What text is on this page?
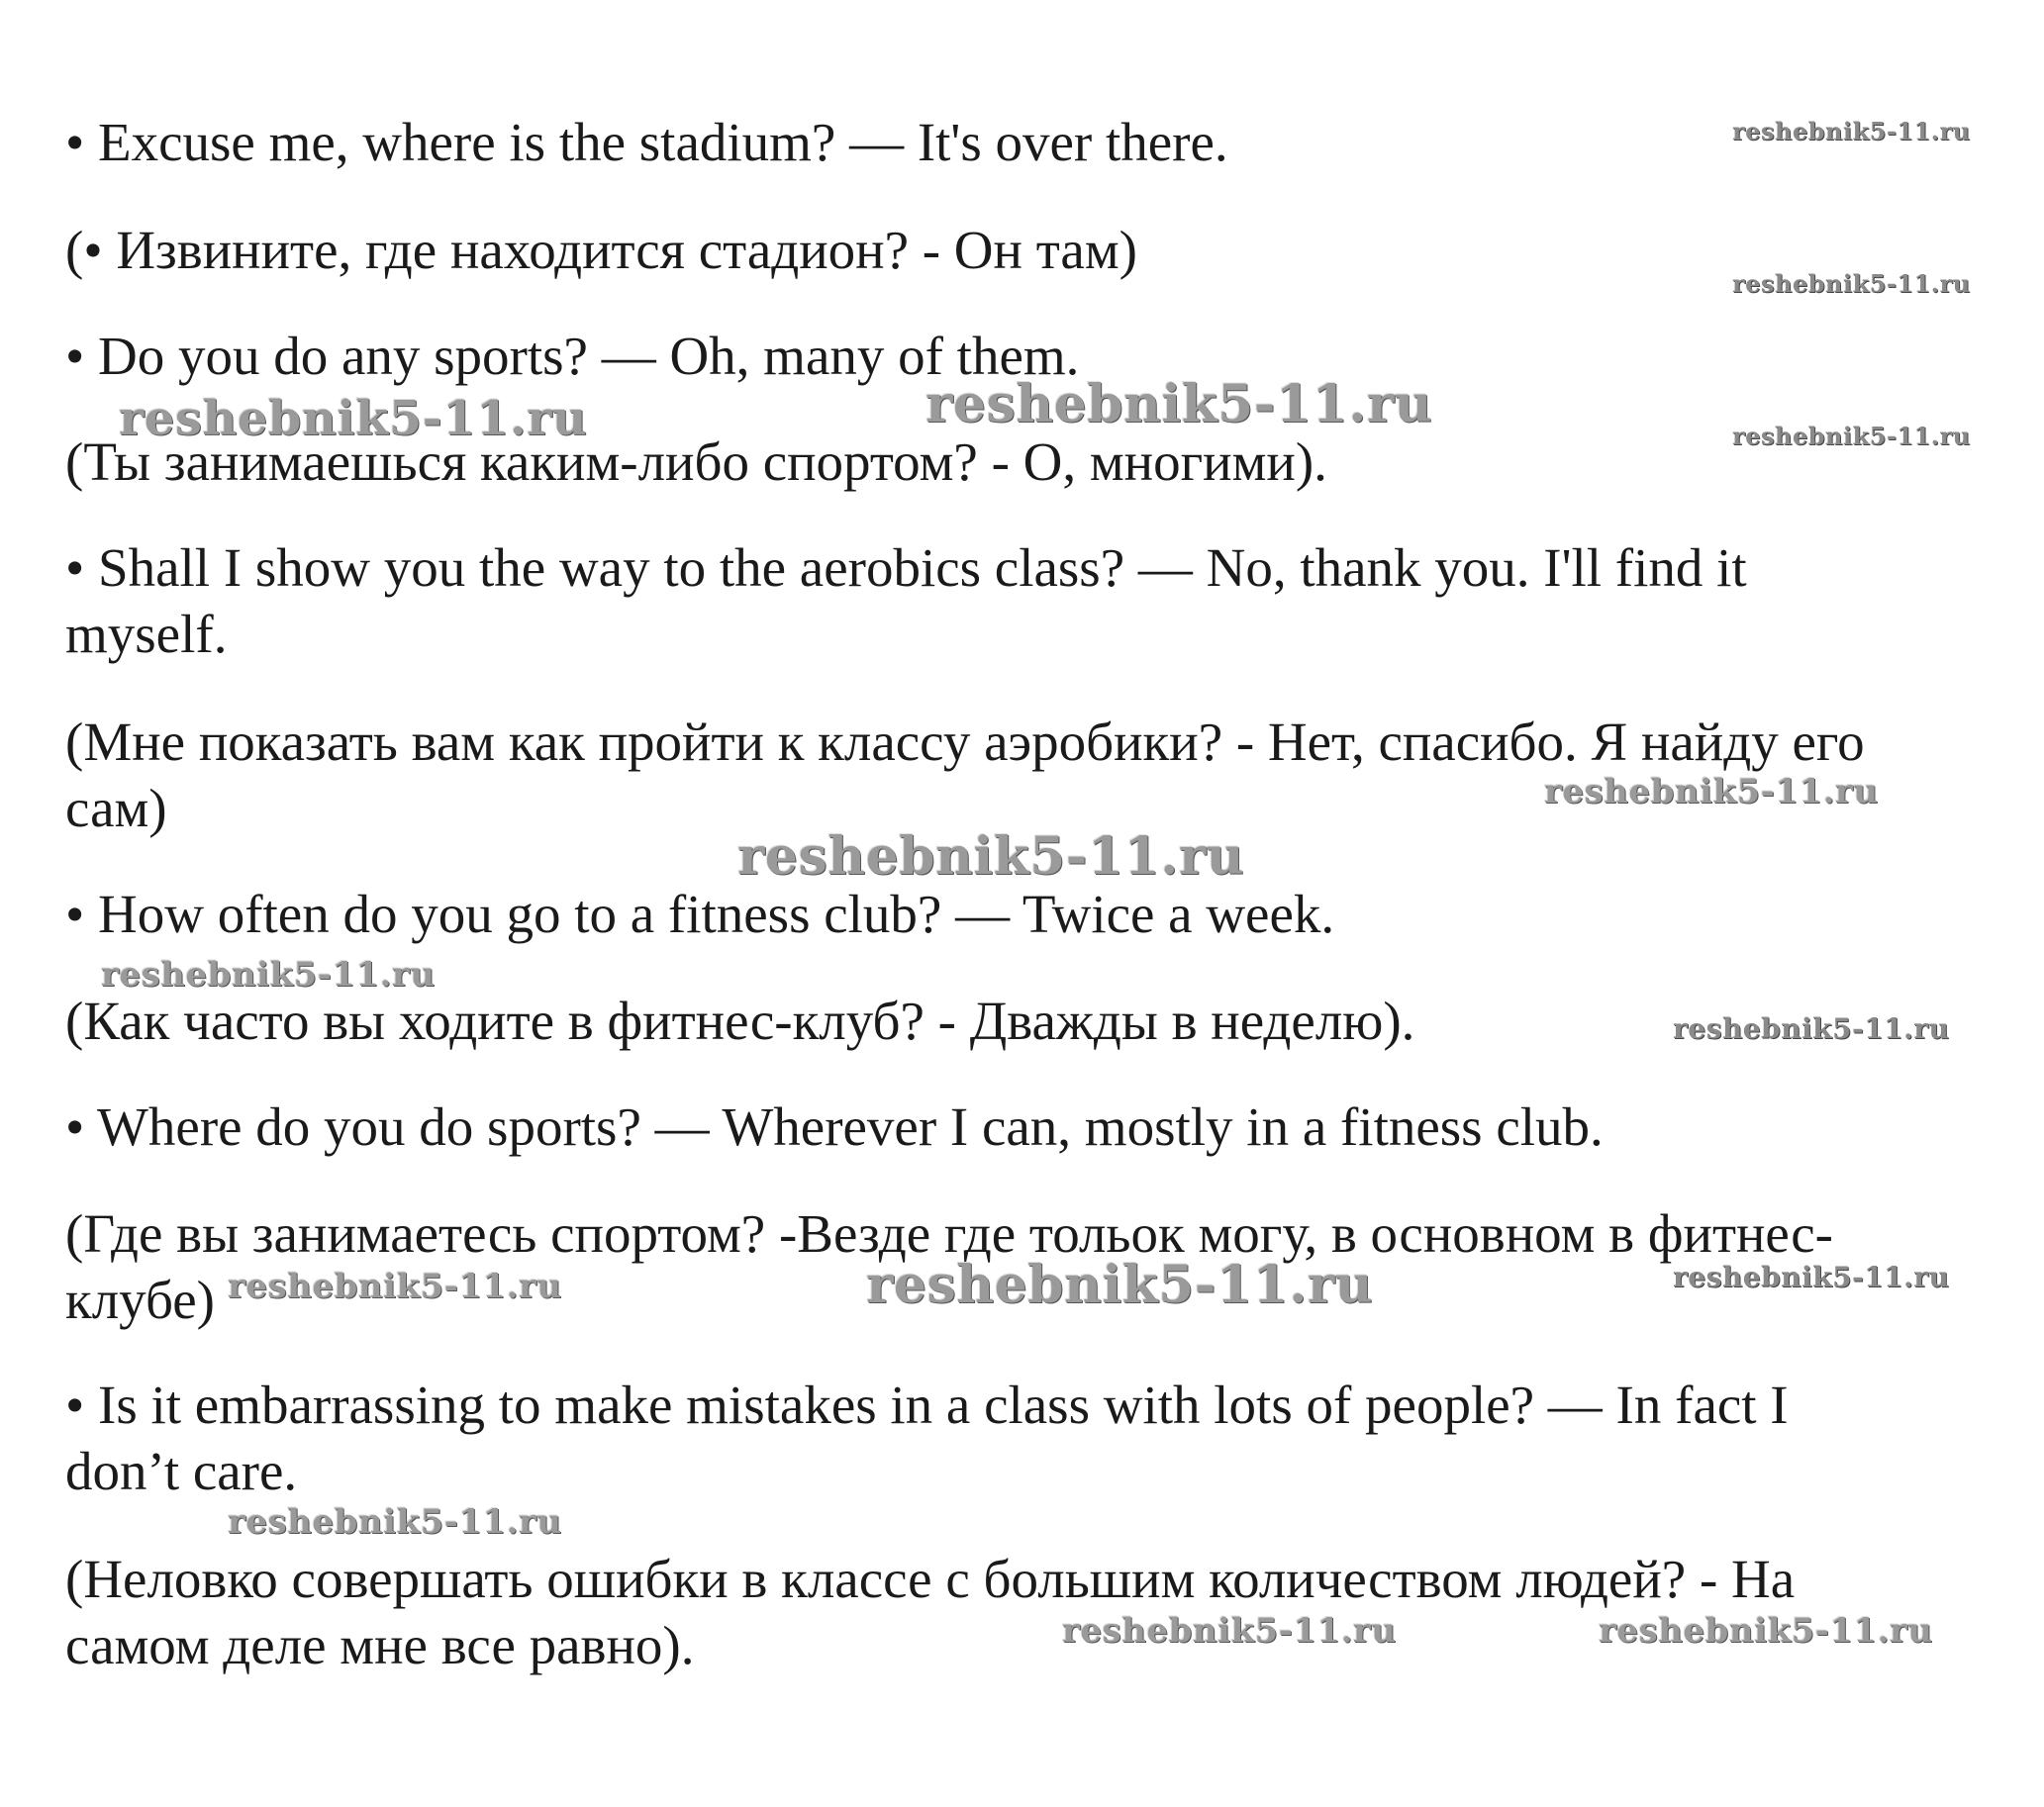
• Excuse me, where is the stadium? — It's over there.

(• Извините, где находится стадион? - Он там)

• Do you do any sports? — Oh, many of them.

(Ты занимаешься каким-либо спортом? - О, многими).

• Shall I show you the way to the aerobics class? — No, thank you. I'll find it

myself.

(Мне показать вам как пройти к классу аэробики? - Нет, спасибо. Я найду его

сам)

• How often do you go to a fitness club? — Twice a week.

(Как часто вы ходите в фитнес-клуб? - Дважды в неделю).

• Where do you do sports? — Wherever I can, mostly in a fitness club.

(Где вы занимаетесь спортом? -Везде где тольок могу, в основном в фитнес-

клубе)

• Is it embarrassing to make mistakes in a class with lots of people? — In fact I

don’t care.

(Неловко совершать ошибки в классе с большим количеством людей? - На

самом деле мне все равно).

reshebnik5-11.ru
reshebnik5-11.ru
reshebnik5-11.ru
reshebnik5-11.ru	reshebnik5-11.ru
reshebnik5-11.ru
reshebnik5-11.ru
reshebnik5-11.ru
reshebnik5-11.ru
reshebnik5-11.ru	reshebnik5-11.ru	reshebnik5-11.ru
reshebnik5-11.ru
reshebnik5-11.ru	reshebnik5-11.ru
